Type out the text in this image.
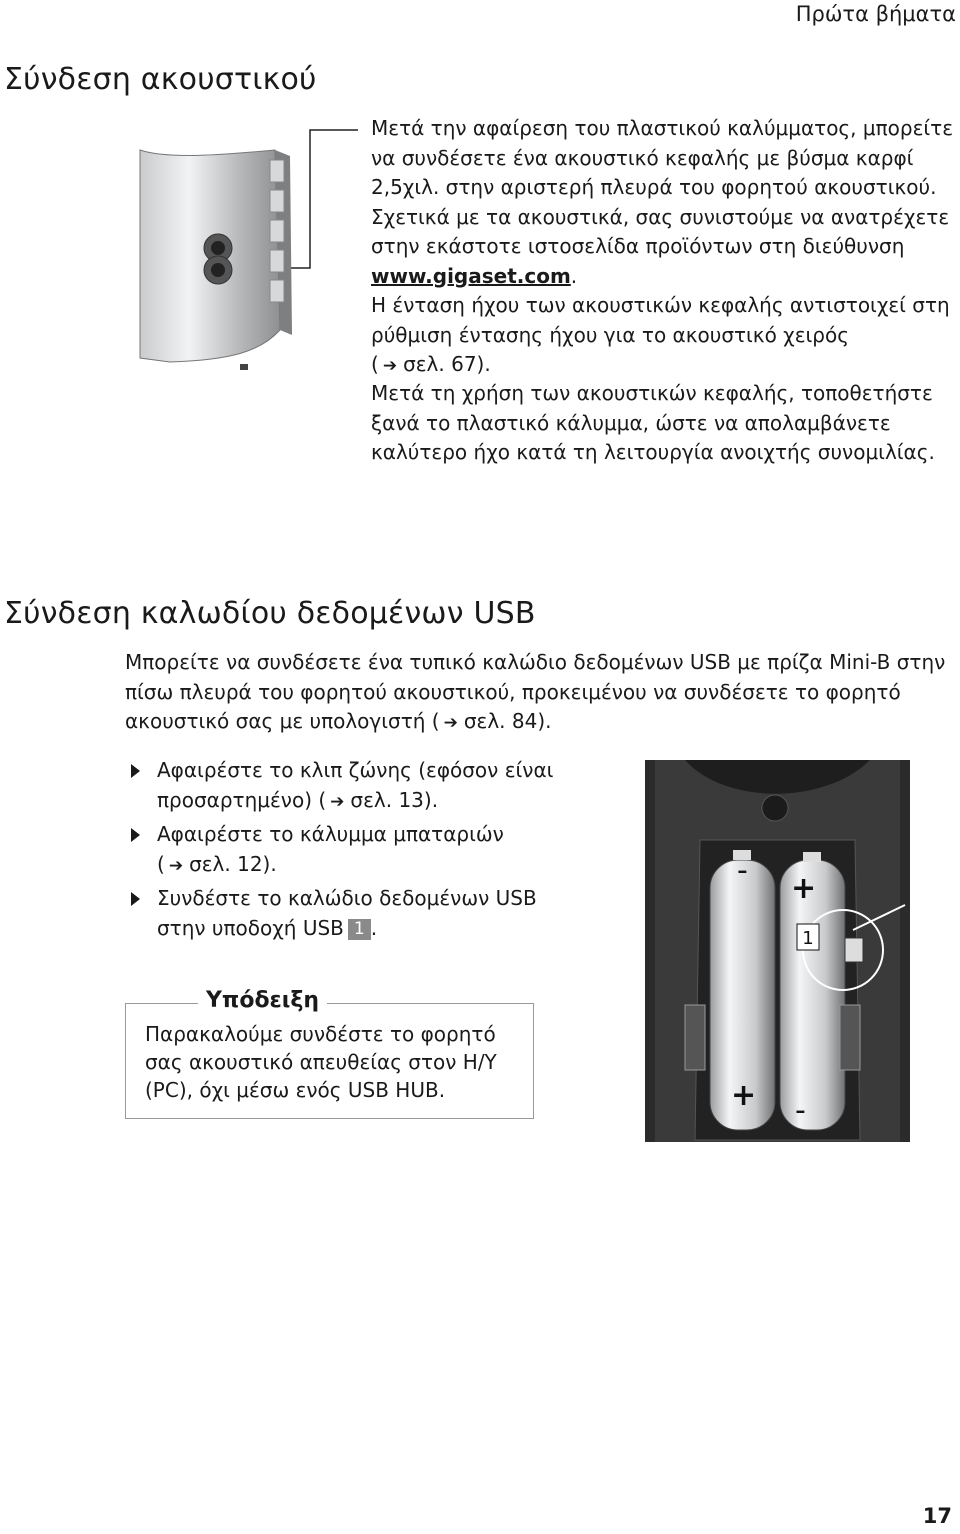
Πρώτα βήματα
Σύνδεση ακουστικού
Μετά την αφαίρεση του πλαστικού καλύμματος, μπορείτε
να συνδέσετε ένα ακουστικό κεφαλής με βύσμα καρφί
2,5χιλ. στην αριστερή πλευρά του φορητού ακουστικού.
Σχετικά με τα ακουστικά, σας συνιστούμε να ανατρέχετε
στην εκάστοτε ιστοσελίδα προϊόντων στη διεύθυνση
www.gigaset.com.
Η ένταση ήχου των ακουστικών κεφαλής αντιστοιχεί στη
ρύθμιση έντασης ήχου για το ακουστικό χειρός
( ➔ σελ. 67).
Μετά τη χρήση των ακουστικών κεφαλής, τοποθετήστε
ξανά το πλαστικό κάλυμμα, ώστε να απολαμβάνετε
καλύτερο ήχο κατά τη λειτουργία ανοιχτής συνομιλίας.
Σύνδεση καλωδίου δεδομένων USB
Μπορείτε να συνδέσετε ένα τυπικό καλώδιο δεδομένων USB με πρίζα Mini-B στην
πίσω πλευρά του φορητού ακουστικού, προκειμένου να συνδέσετε το φορητό
ακουστικό σας με υπολογιστή ( ➔ σελ. 84).
Αφαιρέστε το κλιπ ζώνης (εφόσον είναι
προσαρτημένο) ( ➔ σελ. 13).
Αφαιρέστε το κάλυμμα μπαταριών
( ➔ σελ. 12).
Συνδέστε το καλώδιο δεδομένων USB
στην υποδοχή USB 1 .
Υπόδειξη
Παρακαλούμε συνδέστε το φορητό
σας ακουστικό απευθείας στον Η/Υ
(PC), όχι μέσω ενός USB HUB.
-
+
+ -
1
17
